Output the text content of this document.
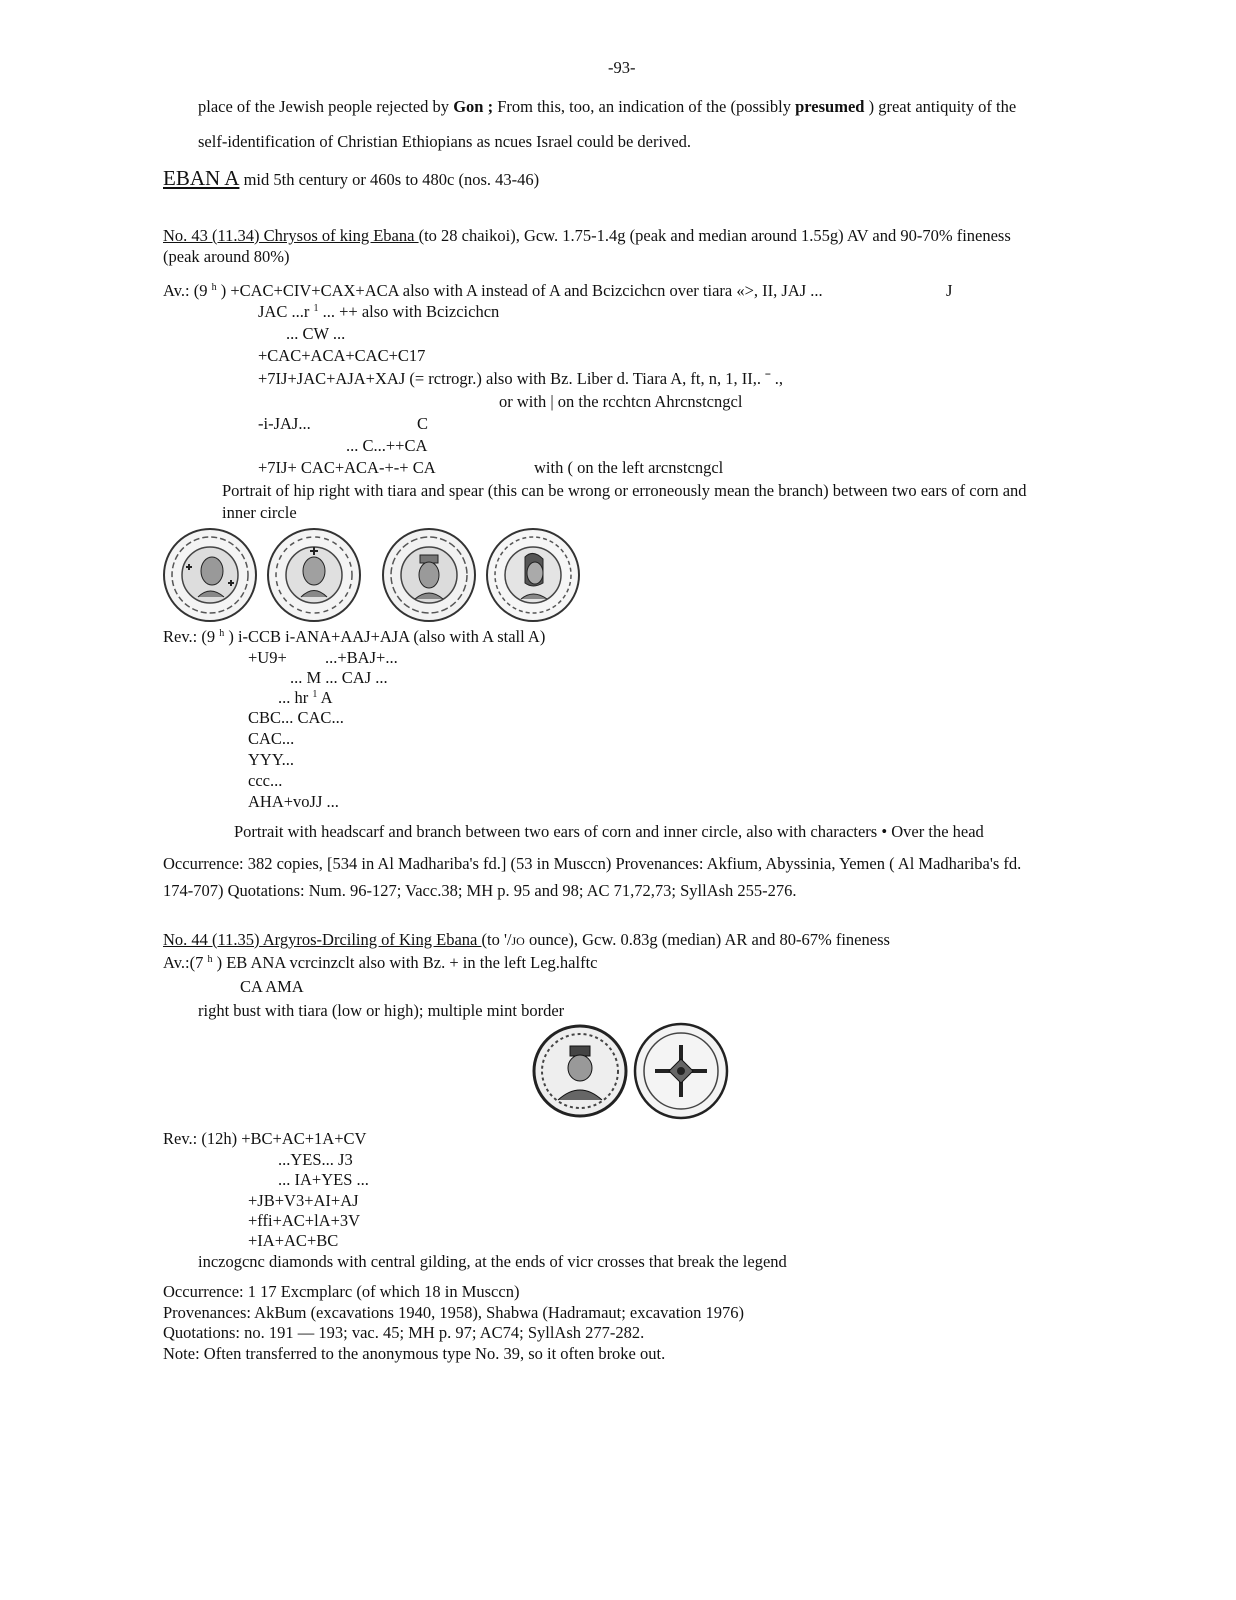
-93-
place of the Jewish people rejected by Gon ; From this, too, an indication of the (possibly presumed ) great antiquity of the
self-identification of Christian Ethiopians as ncues Israel could be derived.
EBAN A mid 5th century or 460s to 480c (nos. 43-46)
No. 43 (11.34) Chrysos of king Ebana (to 28 chaikoi), Gcw. 1.75-1.4g (peak and median around 1.55g) AV and 90-70% fineness
(peak around 80%)
Av.: (9 $^h$ ) +CAC+CIV+CAX+ACA also with A instead of A and Bcizcichcn over tiara «>, II, JAJ ...	J
JAC ...r $^1$ ... ++ also with Bcizcichcn
... CW ...
+CAC+ACA+CAC+C17
+7IJ+JAC+AJA+XAJ (= rctrogr.) also with Bz. Liber d. Tiara A, ft, n, 1, II,. ˉ .,
or with | on the rcchtcn Ahrcnstcngcl
-i-JAJ...	C
... C...++CA
+7IJ+ CAC+ACA-+-+ CA	with ( on the left arcnstcngcl
Portrait of hip right with tiara and spear (this can be wrong or erroneously mean the branch) between two ears of corn and
inner circle
Rev.: (9 $^h$ ) i-CCB i-ANA+AAJ+AJA (also with A stall A)
+U9+ ...+BAJ+...
... M ... CAJ ...
... hr $^1$ A
CBC... CAC...
CAC...
YYY...
ccc...
AHA+voJJ ...
Portrait with headscarf and branch between two ears of corn and inner circle, also with characters • Over the head
Occurrence: 382 copies, [534 in Al Madhariba's fd.] (53 in Musccn) Provenances: Akfium, Abyssinia, Yemen ( Al Madhariba's fd.
174-707) Quotations: Num. 96-127; Vacc.38; MH p. 95 and 98; AC 71,72,73; SyllAsh 255-276.
No. 44 (11.35) Argyros-Drciling of King Ebana (to '/JO ounce), Gcw. 0.83g (median) AR and 80-67% fineness
Av.:(7 $^h$ ) EB ANA vcrcinzclt also with Bz. + in the left Leg.halftc
CA AMA
right bust with tiara (low or high); multiple mint border
Rev.: (12h) +BC+AC+1A+CV
...YES... J3
... IA+YES ...
+JB+V3+AI+AJ
+ffi+AC+lA+3V
+IA+AC+BC
inczogcnc diamonds with central gilding, at the ends of vicr crosses that break the legend
Occurrence: 1 17 Excmplarc (of which 18 in Musccn)
Provenances: AkBum (excavations 1940, 1958), Shabwa (Hadramaut; excavation 1976)
Quotations: no. 191 — 193; vac. 45; MH p. 97; AC74; SyllAsh 277-282.
Note: Often transferred to the anonymous type No. 39, so it often broke out.
